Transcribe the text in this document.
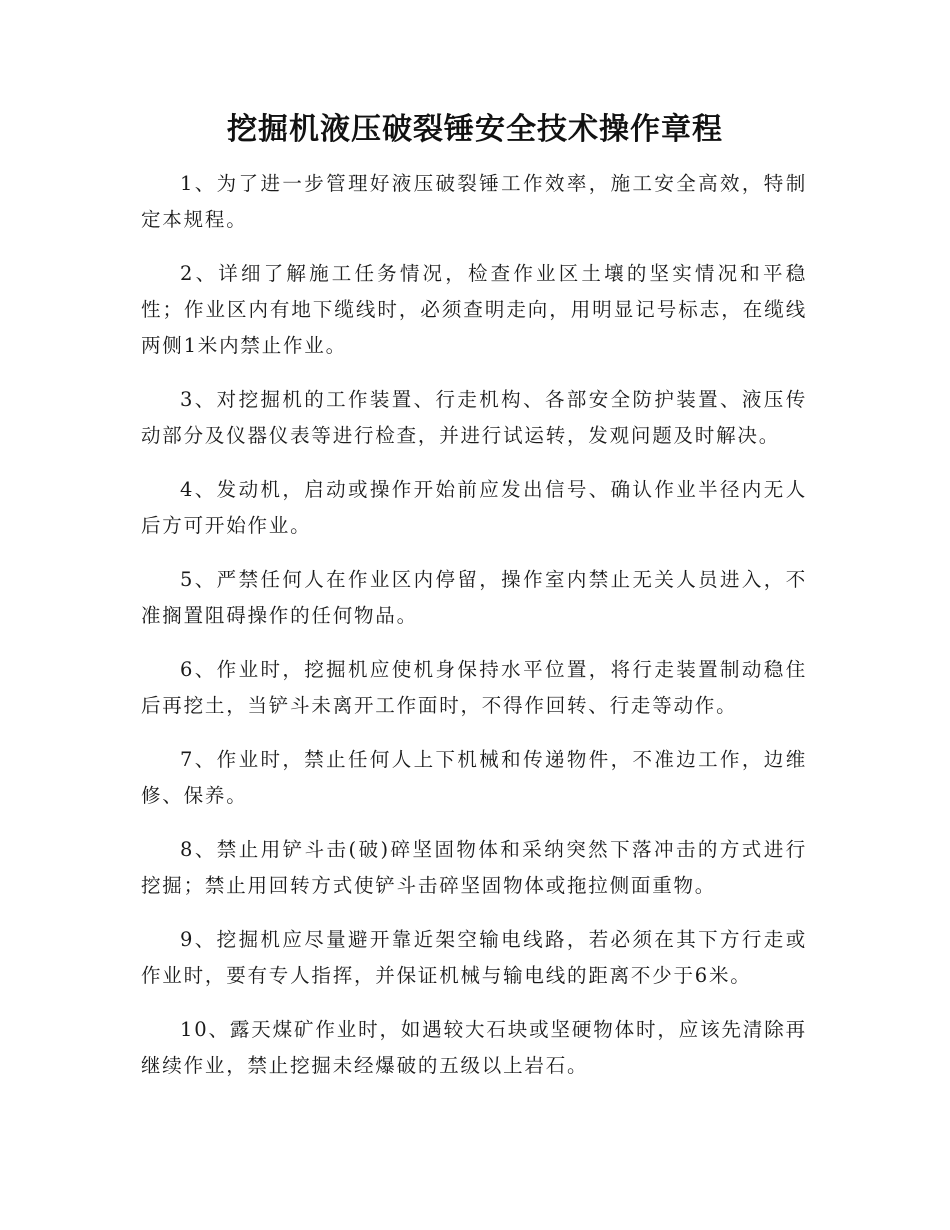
挖掘机液压破裂锤安全技术操作章程

1、为了进一步管理好液压破裂锤工作效率，施工安全高效，特制定本规程。

2、详细了解施工任务情况，检查作业区土壤的坚实情况和平稳性；作业区内有地下缆线时，必须查明走向，用明显记号标志，在缆线两侧1米内禁止作业。

3、对挖掘机的工作装置、行走机构、各部安全防护装置、液压传动部分及仪器仪表等进行检查，并进行试运转，发观问题及时解决。

4、发动机，启动或操作开始前应发出信号、确认作业半径内无人后方可开始作业。

5、严禁任何人在作业区内停留，操作室内禁止无关人员进入，不准搁置阻碍操作的任何物品。

6、作业时，挖掘机应使机身保持水平位置，将行走装置制动稳住后再挖土，当铲斗未离开工作面时，不得作回转、行走等动作。

7、作业时，禁止任何人上下机械和传递物件，不准边工作，边维修、保养。

8、禁止用铲斗击(破)碎坚固物体和采纳突然下落冲击的方式进行挖掘；禁止用回转方式使铲斗击碎坚固物体或拖拉侧面重物。

9、挖掘机应尽量避开靠近架空输电线路，若必须在其下方行走或作业时，要有专人指挥，并保证机械与输电线的距离不少于6米。

10、露天煤矿作业时，如遇较大石块或坚硬物体时，应该先清除再继续作业，禁止挖掘未经爆破的五级以上岩石。
